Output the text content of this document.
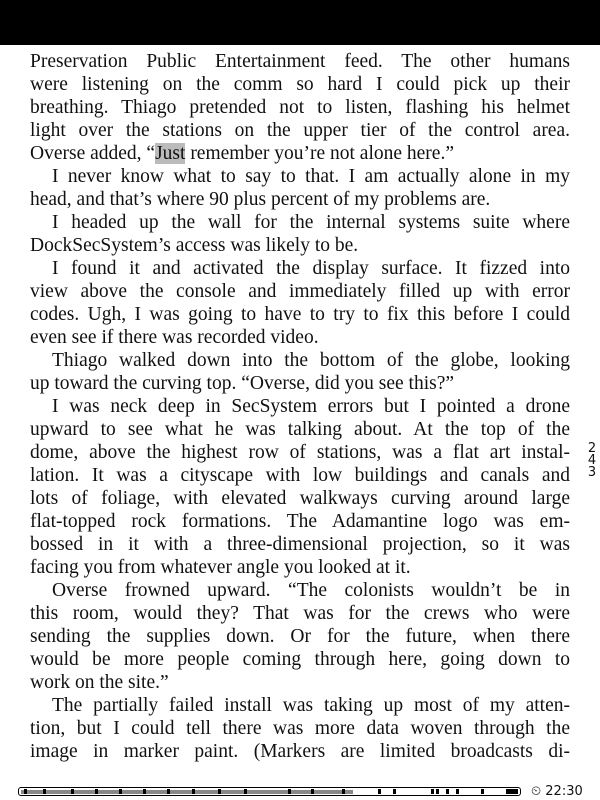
Preservation Public Entertainment feed. The other humans
were listening on the comm so hard I could pick up their
breathing. Thiago pretended not to listen, flashing his helmet
light over the stations on the upper tier of the control area.
Overse added, “Just remember you’re not alone here.”
I never know what to say to that. I am actually alone in my
head, and that’s where 90 plus percent of my problems are.
I headed up the wall for the internal systems suite where
DockSecSystem’s access was likely to be.
I found it and activated the display surface. It fizzed into
view above the console and immediately filled up with error
codes. Ugh, I was going to have to try to fix this before I could
even see if there was recorded video.
Thiago walked down into the bottom of the globe, looking
up toward the curving top. “Overse, did you see this?”
I was neck deep in SecSystem errors but I pointed a drone
upward to see what he was talking about. At the top of the
dome, above the highest row of stations, was a flat art instal-
lation. It was a cityscape with low buildings and canals and
lots of foliage, with elevated walkways curving around large
flat-topped rock formations. The Adamantine logo was em-
bossed in it with a three-dimensional projection, so it was
facing you from whatever angle you looked at it.
Overse frowned upward. “The colonists wouldn’t be in
this room, would they? That was for the crews who were
sending the supplies down. Or for the future, when there
would be more people coming through here, going down to
work on the site.”
The partially failed install was taking up most of my atten-
tion, but I could tell there was more data woven through the
image in marker paint. (Markers are limited broadcasts di-
2
4
3
⏲ 22:30
